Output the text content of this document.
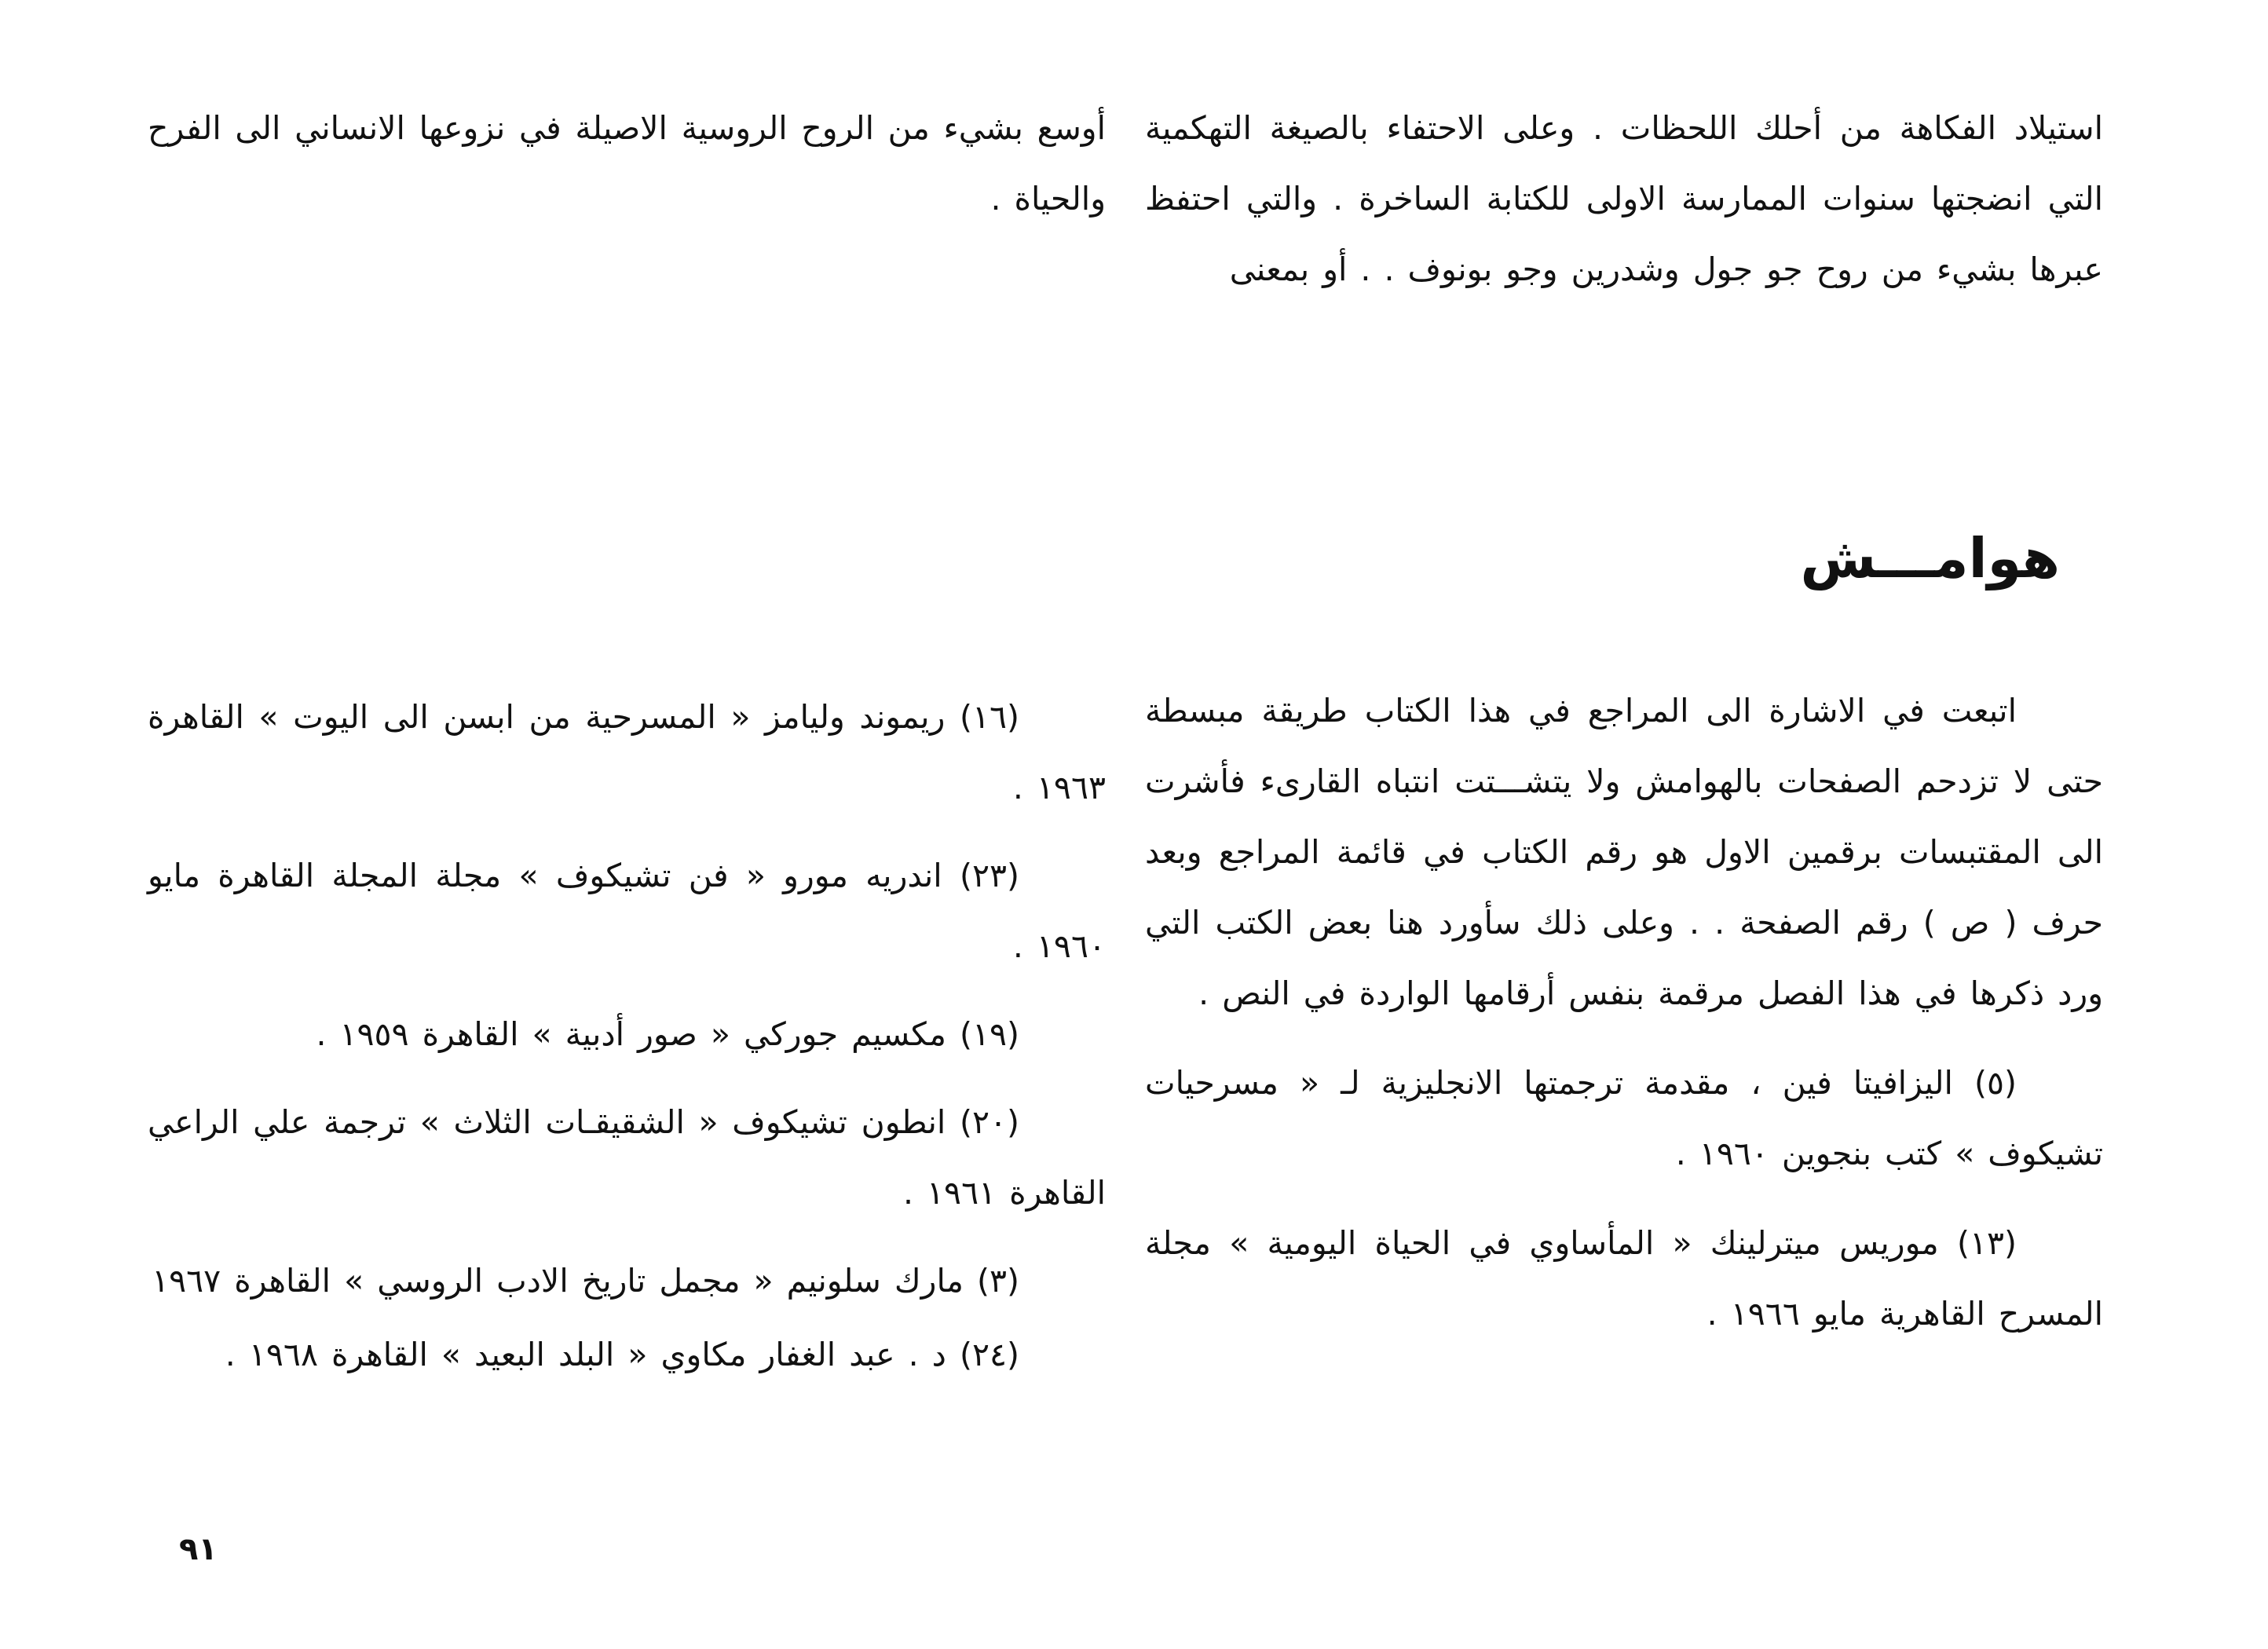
استيلاد الفكاهة من أحلك اللحظات . وعلى الاحتفاء بالصيغة التهكمية التي انضجتها سنوات الممارسة الاولى للكتابة الساخرة . والتي احتفظ عبرها بشيء من روح جو جول وشدرين وجو بونوف . . أو بمعنى

أوسع بشيء من الروح الروسية الاصيلة في نزوعها الانساني الى الفرح والحياة .

هوامـــش

اتبعت في الاشارة الى المراجع في هذا الكتاب طريقة مبسطة حتى لا تزدحم الصفحات بالهوامش ولا يتشـــتت انتباه القارىء فأشرت الى المقتبسات برقمين الاول هو رقم الكتاب في قائمة المراجع وبعد حرف ( ص ) رقم الصفحة . . وعلى ذلك سأورد هنا بعض الكتب التي ورد ذكرها في هذا الفصل مرقمة بنفس أرقامها الواردة في النص .

(٥) اليزافيتا فين ، مقدمة ترجمتها الانجليزية لـ « مسرحيات تشيكوف » كتب بنجوين ١٩٦٠ .

(١٣) موريس ميترلينك « المأساوي في الحياة اليومية » مجلة المسرح القاهرية مايو ١٩٦٦ .

(١٦) ريموند وليامز « المسرحية من ابسن الى اليوت » القاهرة ١٩٦٣ .

(٢٣) اندريه مورو « فن تشيكوف » مجلة المجلة القاهرة مايو ١٩٦٠ .

(١٩) مكسيم جوركي « صور أدبية » القاهرة ١٩٥٩ .

(٢٠) انطون تشيكوف « الشقيقـات الثلاث » ترجمة علي الراعي القاهرة ١٩٦١ .

(٣) مارك سلونيم « مجمل تاريخ الادب الروسي » القاهرة ١٩٦٧

(٢٤) د . عبد الغفار مكاوي « البلد البعيد » القاهرة ١٩٦٨ .

٩١
